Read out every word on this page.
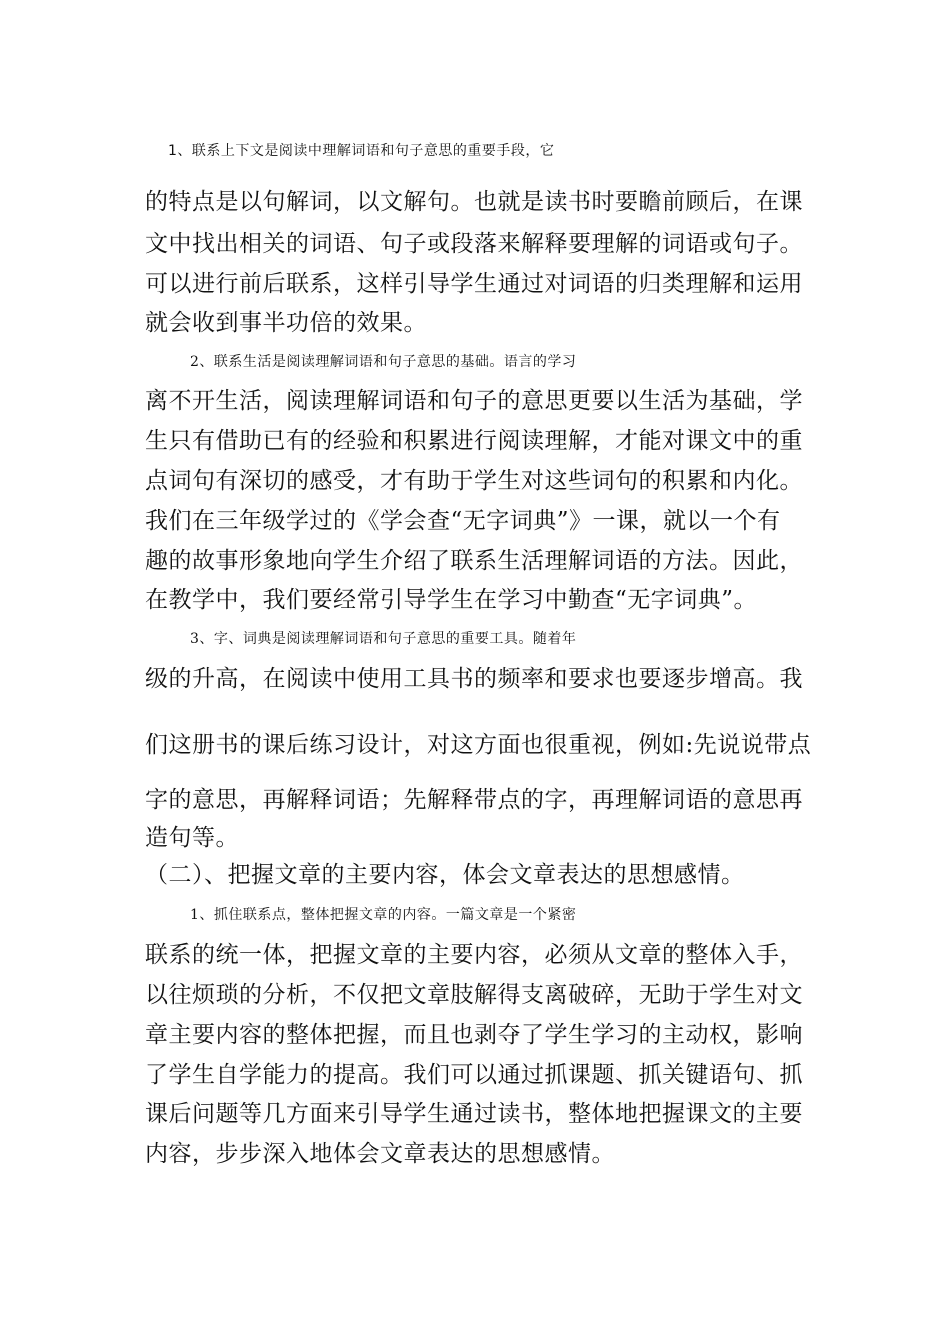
1、联系上下文是阅读中理解词语和句子意思的重要手段，它
的特点是以句解词，以文解句。也就是读书时要瞻前顾后，在课
文中找出相关的词语、句子或段落来解释要理解的词语或句子。
可以进行前后联系，这样引导学生通过对词语的归类理解和运用
就会收到事半功倍的效果。
2、联系生活是阅读理解词语和句子意思的基础。语言的学习
离不开生活，阅读理解词语和句子的意思更要以生活为基础，学
生只有借助已有的经验和积累进行阅读理解，才能对课文中的重
点词句有深切的感受，才有助于学生对这些词句的积累和内化。
我们在三年级学过的《学会查“无字词典”》一课，就以一个有
趣的故事形象地向学生介绍了联系生活理解词语的方法。因此，
在教学中，我们要经常引导学生在学习中勤查“无字词典”。
3、字、词典是阅读理解词语和句子意思的重要工具。随着年
级的升高，在阅读中使用工具书的频率和要求也要逐步增高。我
们这册书的课后练习设计，对这方面也很重视，例如:先说说带点
字的意思，再解释词语；先解释带点的字，再理解词语的意思再
造句等。
（二）、把握文章的主要内容，体会文章表达的思想感情。
1、抓住联系点，整体把握文章的内容。一篇文章是一个紧密
联系的统一体，把握文章的主要内容，必须从文章的整体入手，
以往烦琐的分析，不仅把文章肢解得支离破碎，无助于学生对文
章主要内容的整体把握，而且也剥夺了学生学习的主动权，影响
了学生自学能力的提高。我们可以通过抓课题、抓关键语句、抓
课后问题等几方面来引导学生通过读书，整体地把握课文的主要
内容，步步深入地体会文章表达的思想感情。
